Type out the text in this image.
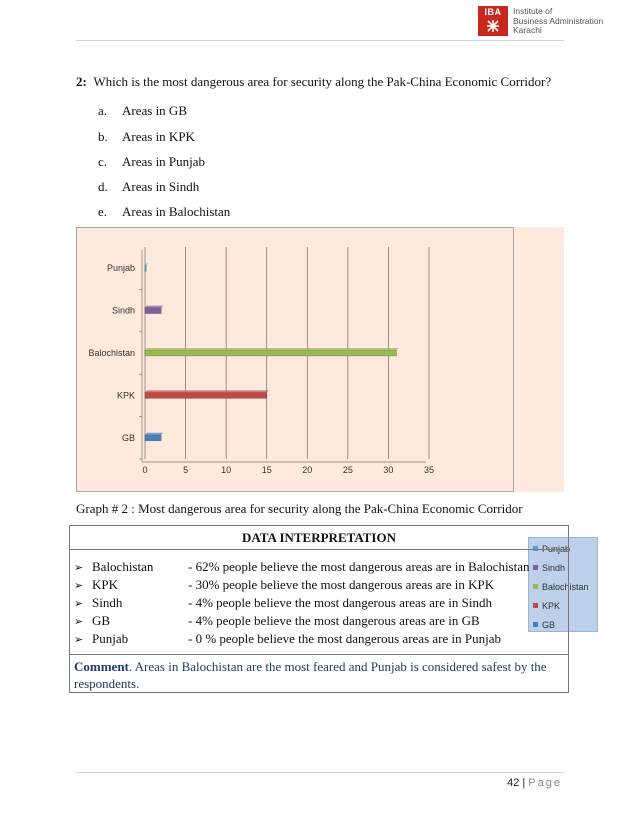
IBA	Institute of
Business Administration
Karachi
2: Which is the most dangerous area for security along the Pak-China Economic Corridor?
a. Areas in GB
b. Areas in KPK
c. Areas in Punjab
d. Areas in Sindh
e. Areas in Balochistan
0	5	10	15	20	25	30	35
GB
KPK
Balochistan
Sindh
Punjab
Punjab
Sindh
Balochistan
KPK
GB
Graph # 2 : Most dangerous area for security along the Pak-China Economic Corridor
DATA INTERPRETATION
➢ Balochistan	- 62% people believe the most dangerous areas are in Balochistan
➢ KPK	- 30% people believe the most dangerous areas are in KPK
➢ Sindh	- 4% people believe the most dangerous areas are in Sindh
➢ GB	- 4% people believe the most dangerous areas are in GB
➢ Punjab	- 0 % people believe the most dangerous areas are in Punjab
Comment. Areas in Balochistan are the most feared and Punjab is considered safest by the respondents.
42 | Page
